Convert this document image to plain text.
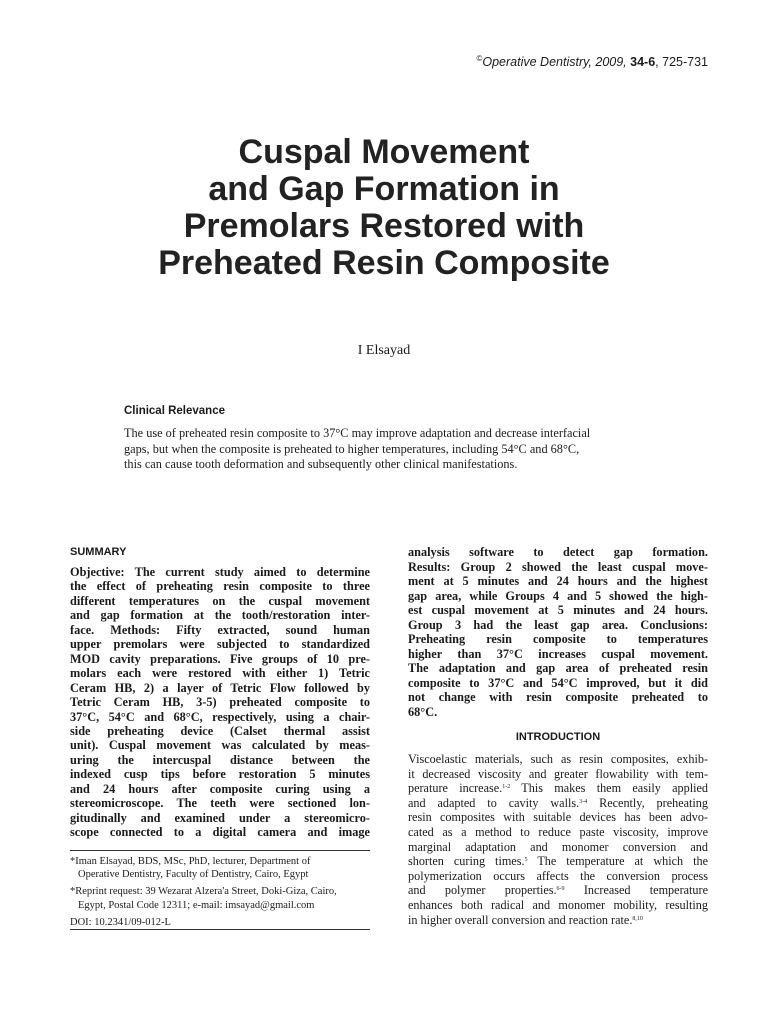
©Operative Dentistry, 2009, 34-6, 725-731
Cuspal Movement
and Gap Formation in
Premolars Restored with
Preheated Resin Composite
I Elsayad
Clinical Relevance
The use of preheated resin composite to 37°C may improve adaptation and decrease interfacial
gaps, but when the composite is preheated to higher temperatures, including 54°C and 68°C,
this can cause tooth deformation and subsequently other clinical manifestations.
SUMMARY
Objective: The current study aimed to determine
the effect of preheating resin composite to three
different temperatures on the cuspal movement
and gap formation at the tooth/restoration inter-
face. Methods: Fifty extracted, sound human
upper premolars were subjected to standardized
MOD cavity preparations. Five groups of 10 pre-
molars each were restored with either 1) Tetric
Ceram HB, 2) a layer of Tetric Flow followed by
Tetric Ceram HB, 3-5) preheated composite to
37°C, 54°C and 68°C, respectively, using a chair-
side preheating device (Calset thermal assist
unit). Cuspal movement was calculated by meas-
uring the intercuspal distance between the
indexed cusp tips before restoration 5 minutes
and 24 hours after composite curing using a
stereomicroscope. The teeth were sectioned lon-
gitudinally and examined under a stereomicro-
scope connected to a digital camera and image
*Iman Elsayad, BDS, MSc, PhD, lecturer, Department of
Operative Dentistry, Faculty of Dentistry, Cairo, Egypt
*Reprint request: 39 Wezarat Alzera'a Street, Doki-Giza, Cairo,
Egypt, Postal Code 12311; e-mail: imsayad@gmail.com
DOI: 10.2341/09-012-L
analysis software to detect gap formation.
Results: Group 2 showed the least cuspal move-
ment at 5 minutes and 24 hours and the highest
gap area, while Groups 4 and 5 showed the high-
est cuspal movement at 5 minutes and 24 hours.
Group 3 had the least gap area. Conclusions:
Preheating resin composite to temperatures
higher than 37°C increases cuspal movement.
The adaptation and gap area of preheated resin
composite to 37°C and 54°C improved, but it did
not change with resin composite preheated to
68°C.
INTRODUCTION
Viscoelastic materials, such as resin composites, exhib-
it decreased viscosity and greater flowability with tem-
perature increase.$^{1-2}$ This makes them easily applied
and adapted to cavity walls.$^{3-4}$ Recently, preheating
resin composites with suitable devices has been advo-
cated as a method to reduce paste viscosity, improve
marginal adaptation and monomer conversion and
shorten curing times.$^5$ The temperature at which the
polymerization occurs affects the conversion process
and polymer properties.$^{6-9}$ Increased temperature
enhances both radical and monomer mobility, resulting
in higher overall conversion and reaction rate.$^{8,10}$
